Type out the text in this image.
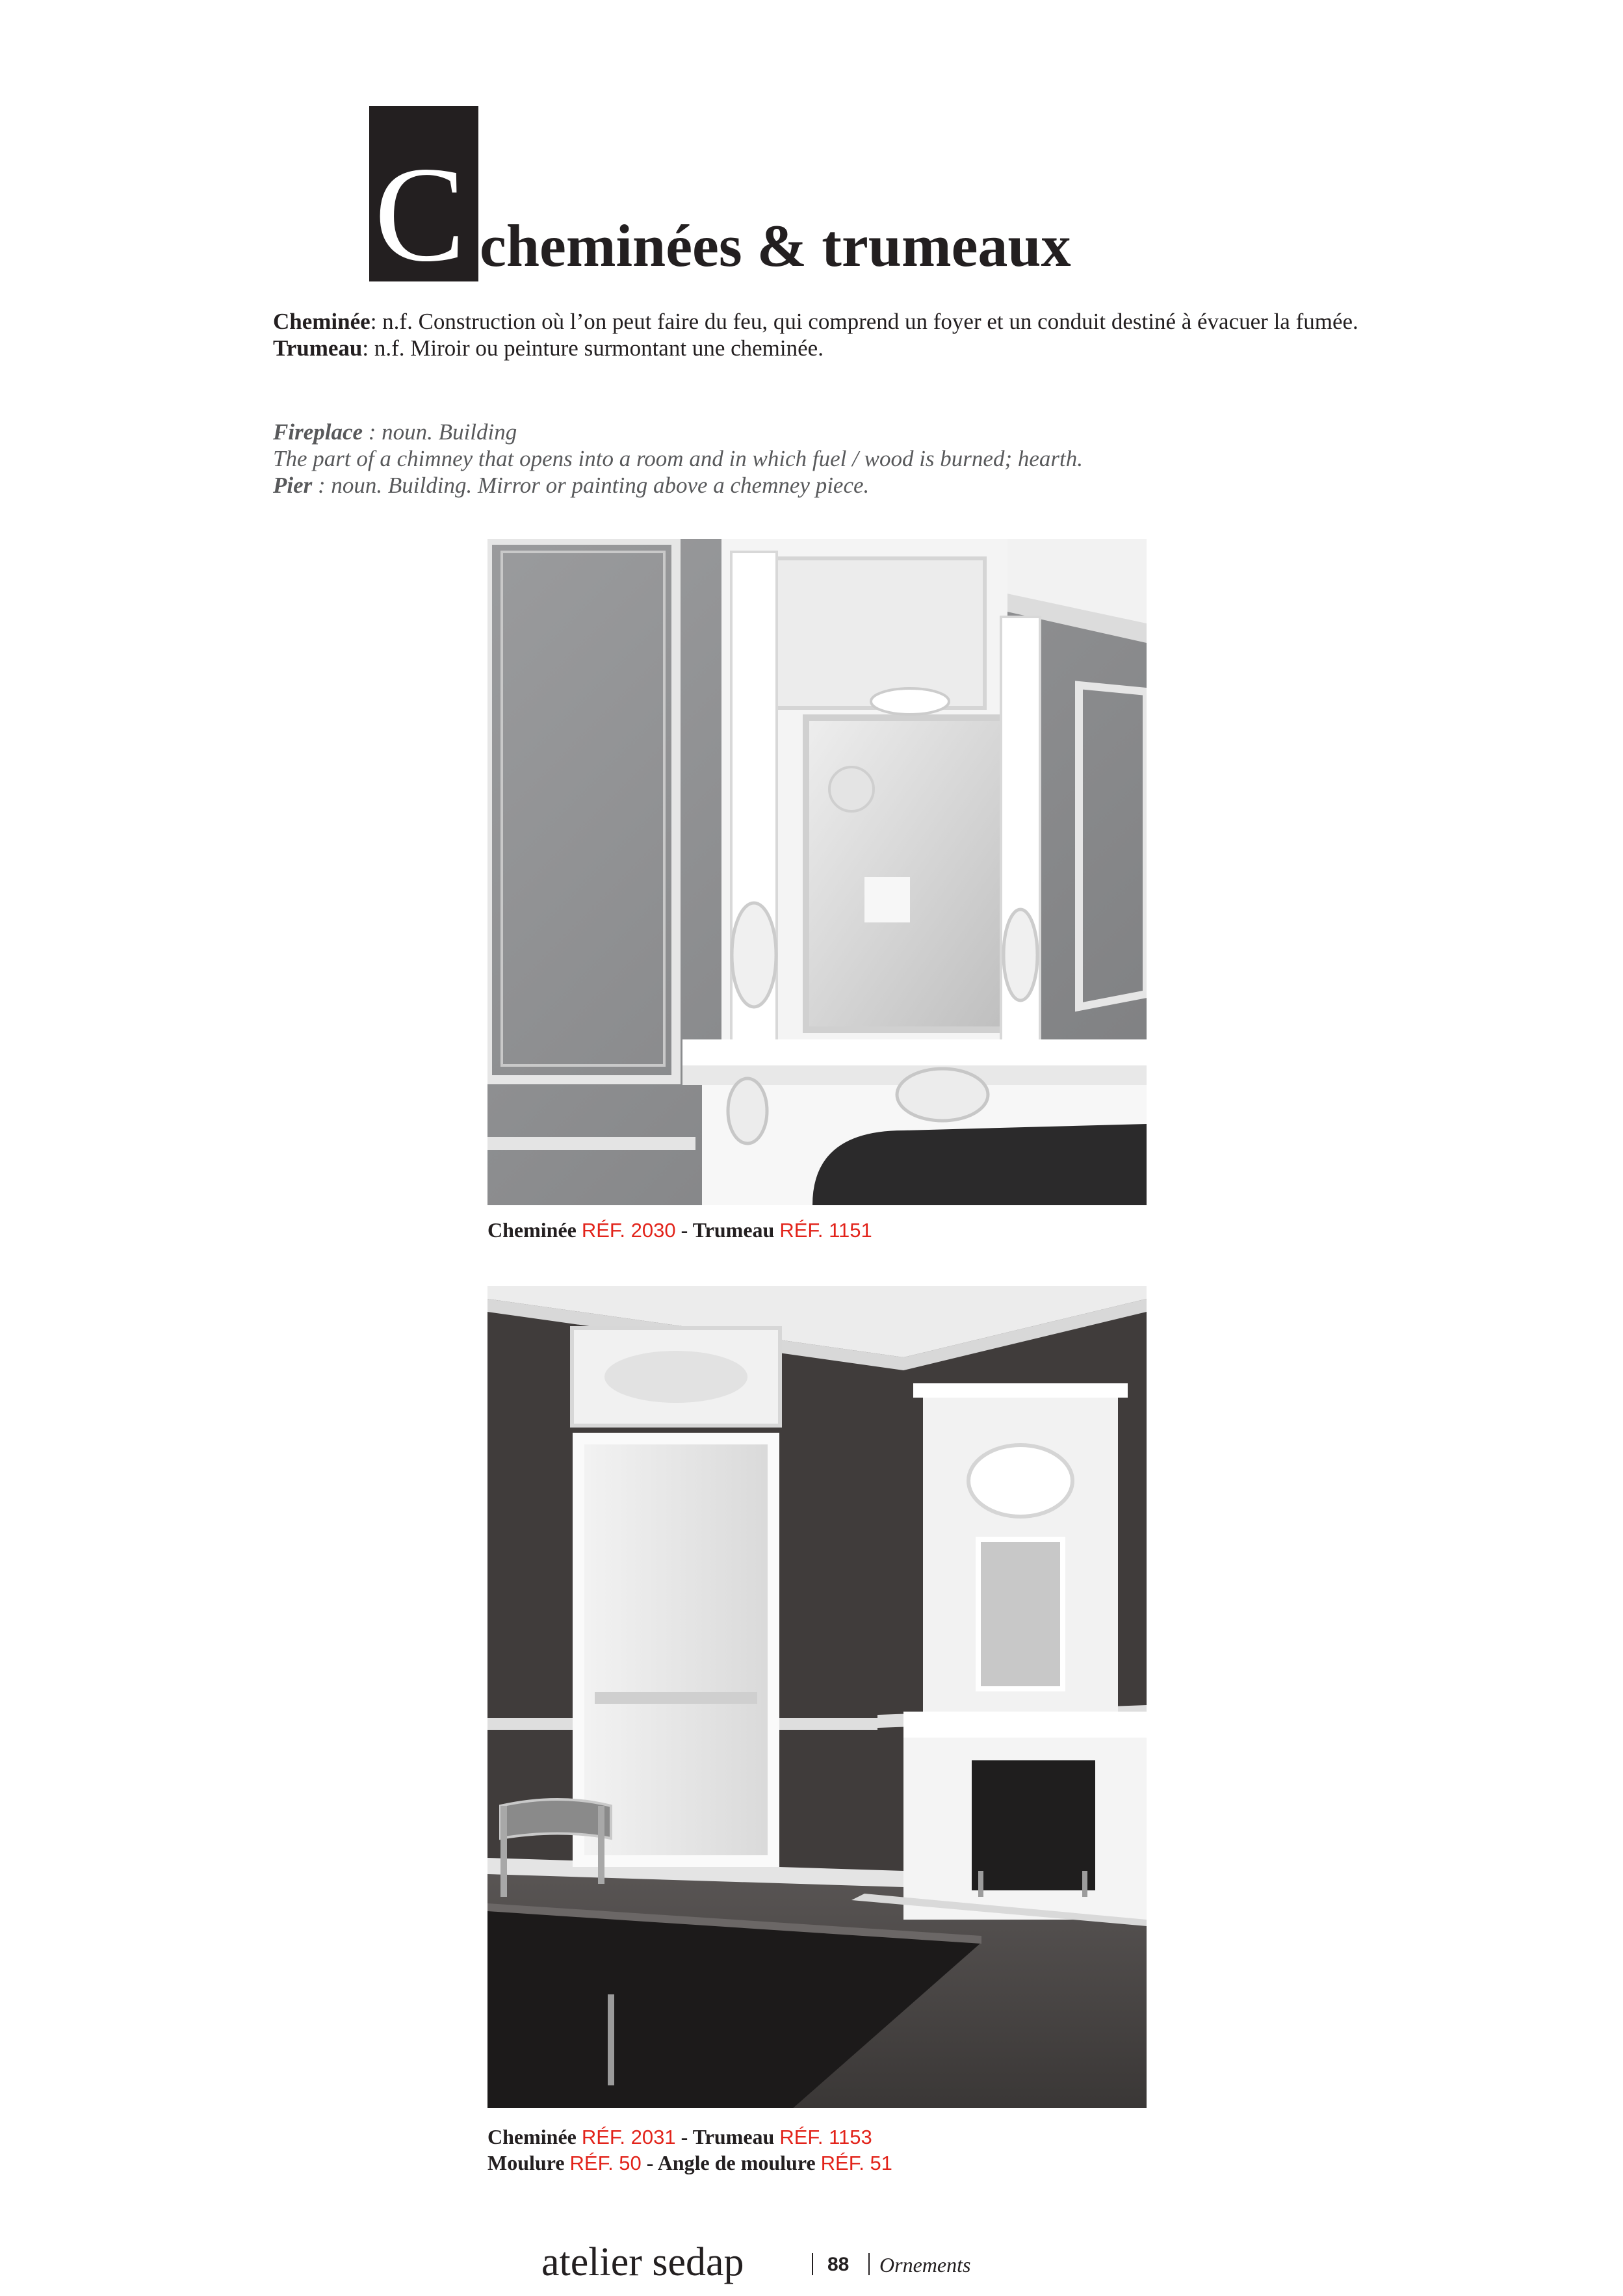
C cheminées & trumeaux

Cheminée: n.f. Construction où l’on peut faire du feu, qui comprend un foyer et un conduit destiné à évacuer la fumée.

Trumeau: n.f. Miroir ou peinture surmontant une cheminée.

Fireplace : noun. Building

The part of a chimney that opens into a room and in which fuel / wood is burned; hearth.

Pier : noun. Building. Mirror or painting above a chemney piece.

Cheminée RÉF. 2030 - Trumeau RÉF. 1151
Cheminée RÉF. 2031 - Trumeau RÉF. 1153
Moulure RÉF. 50 - Angle de moulure RÉF. 51
atelier sedap	88 Ornements
